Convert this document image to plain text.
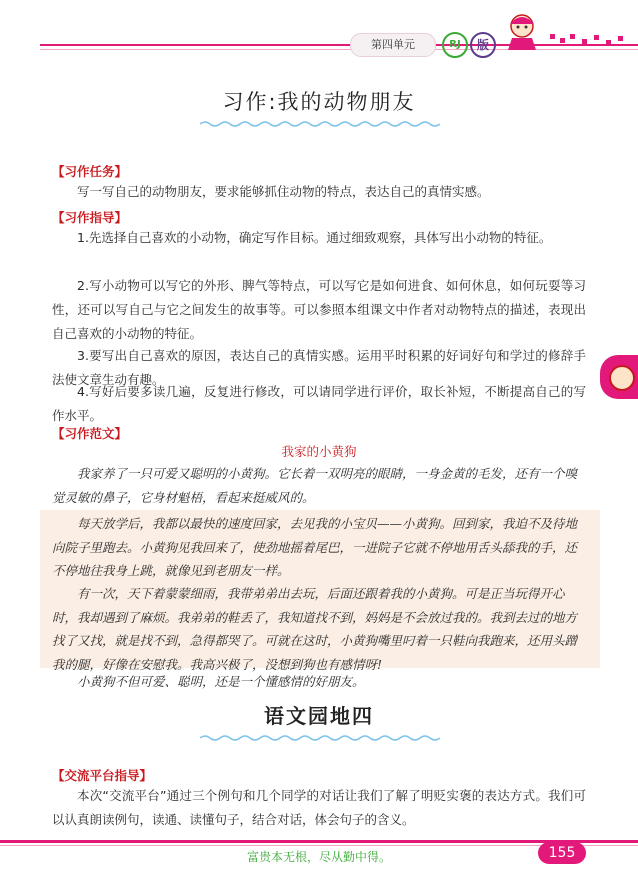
第四单元	RJ	版
习作:我的动物朋友
【习作任务】

写一写自己的动物朋友，要求能够抓住动物的特点，表达自己的真情实感。

【习作指导】

1.先选择自己喜欢的小动物，确定写作目标。通过细致观察，具体写出小动物的特征。

2.写小动物可以写它的外形、脾气等特点，可以写它是如何进食、如何休息，如何玩耍等习性，还可以写自己与它之间发生的故事等。可以参照本组课文中作者对动物特点的描述，表现出自己喜欢的小动物的特征。

3.要写出自己喜欢的原因，表达自己的真情实感。运用平时积累的好词好句和学过的修辞手法使文章生动有趣。

4.写好后要多读几遍，反复进行修改，可以请同学进行评价，取长补短，不断提高自己的写作水平。

【习作范文】
我家的小黄狗

我家养了一只可爱又聪明的小黄狗。它长着一双明亮的眼睛，一身金黄的毛发，还有一个嗅觉灵敏的鼻子，它身材魁梧，看起来挺威风的。

每天放学后，我都以最快的速度回家，去见我的小宝贝——小黄狗。回到家，我迫不及待地向院子里跑去。小黄狗见我回来了，使劲地摇着尾巴，一进院子它就不停地用舌头舔我的手，还不停地往我身上跳，就像见到老朋友一样。

有一次，天下着蒙蒙细雨，我带弟弟出去玩，后面还跟着我的小黄狗。可是正当玩得开心时，我却遇到了麻烦。我弟弟的鞋丢了，我知道找不到，妈妈是不会放过我的。我到去过的地方找了又找，就是找不到，急得都哭了。可就在这时，小黄狗嘴里叼着一只鞋向我跑来，还用头蹭我的腿，好像在安慰我。我高兴极了，没想到狗也有感情呀!

小黄狗不但可爱、聪明，还是一个懂感情的好朋友。

语文园地四
【交流平台指导】

本次“交流平台”通过三个例句和几个同学的对话让我们了解了明贬实褒的表达方式。我们可以认真朗读例句，读通、读懂句子，结合对话，体会句子的含义。

富贵本无根，尽从勤中得。	155
